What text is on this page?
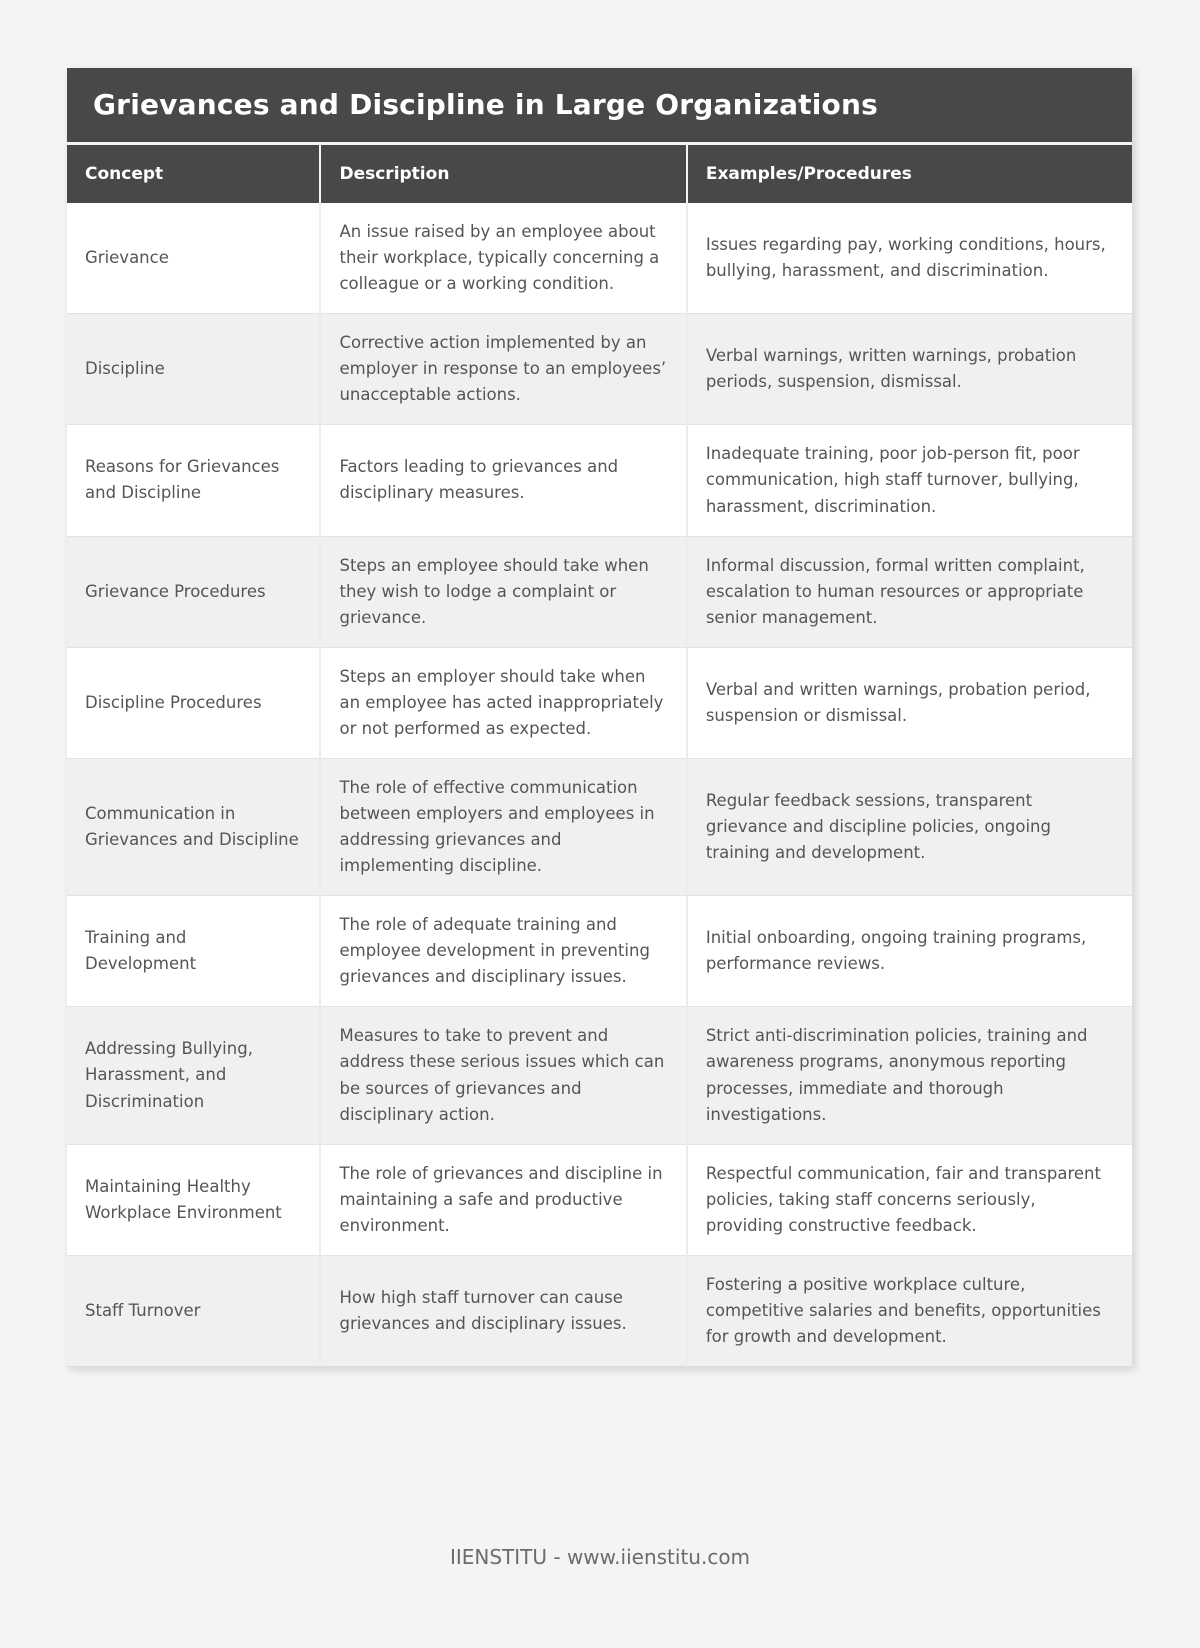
Grievances and Discipline in Large Organizations
Concept	Description	Examples/Procedures
Grievance	An issue raised by an employee about their workplace, typically concerning a colleague or a working condition.	Issues regarding pay, working conditions, hours, bullying, harassment, and discrimination.
Discipline	Corrective action implemented by an employer in response to an employees’ unacceptable actions.	Verbal warnings, written warnings, probation periods, suspension, dismissal.
Reasons for Grievances and Discipline	Factors leading to grievances and disciplinary measures.	Inadequate training, poor job-person fit, poor communication, high staff turnover, bullying, harassment, discrimination.
Grievance Procedures	Steps an employee should take when they wish to lodge a complaint or grievance.	Informal discussion, formal written complaint, escalation to human resources or appropriate senior management.
Discipline Procedures	Steps an employer should take when an employee has acted inappropriately or not performed as expected.	Verbal and written warnings, probation period, suspension or dismissal.
Communication in Grievances and Discipline	The role of effective communication between employers and employees in addressing grievances and implementing discipline.	Regular feedback sessions, transparent grievance and discipline policies, ongoing training and development.
Training and Development	The role of adequate training and employee development in preventing grievances and disciplinary issues.	Initial onboarding, ongoing training programs, performance reviews.
Addressing Bullying, Harassment, and Discrimination	Measures to take to prevent and address these serious issues which can be sources of grievances and disciplinary action.	Strict anti-discrimination policies, training and awareness programs, anonymous reporting processes, immediate and thorough investigations.
Maintaining Healthy Workplace Environment	The role of grievances and discipline in maintaining a safe and productive environment.	Respectful communication, fair and transparent policies, taking staff concerns seriously, providing constructive feedback.
Staff Turnover	How high staff turnover can cause grievances and disciplinary issues.	Fostering a positive workplace culture, competitive salaries and benefits, opportunities for growth and development.
IIENSTITU - www.iienstitu.com
